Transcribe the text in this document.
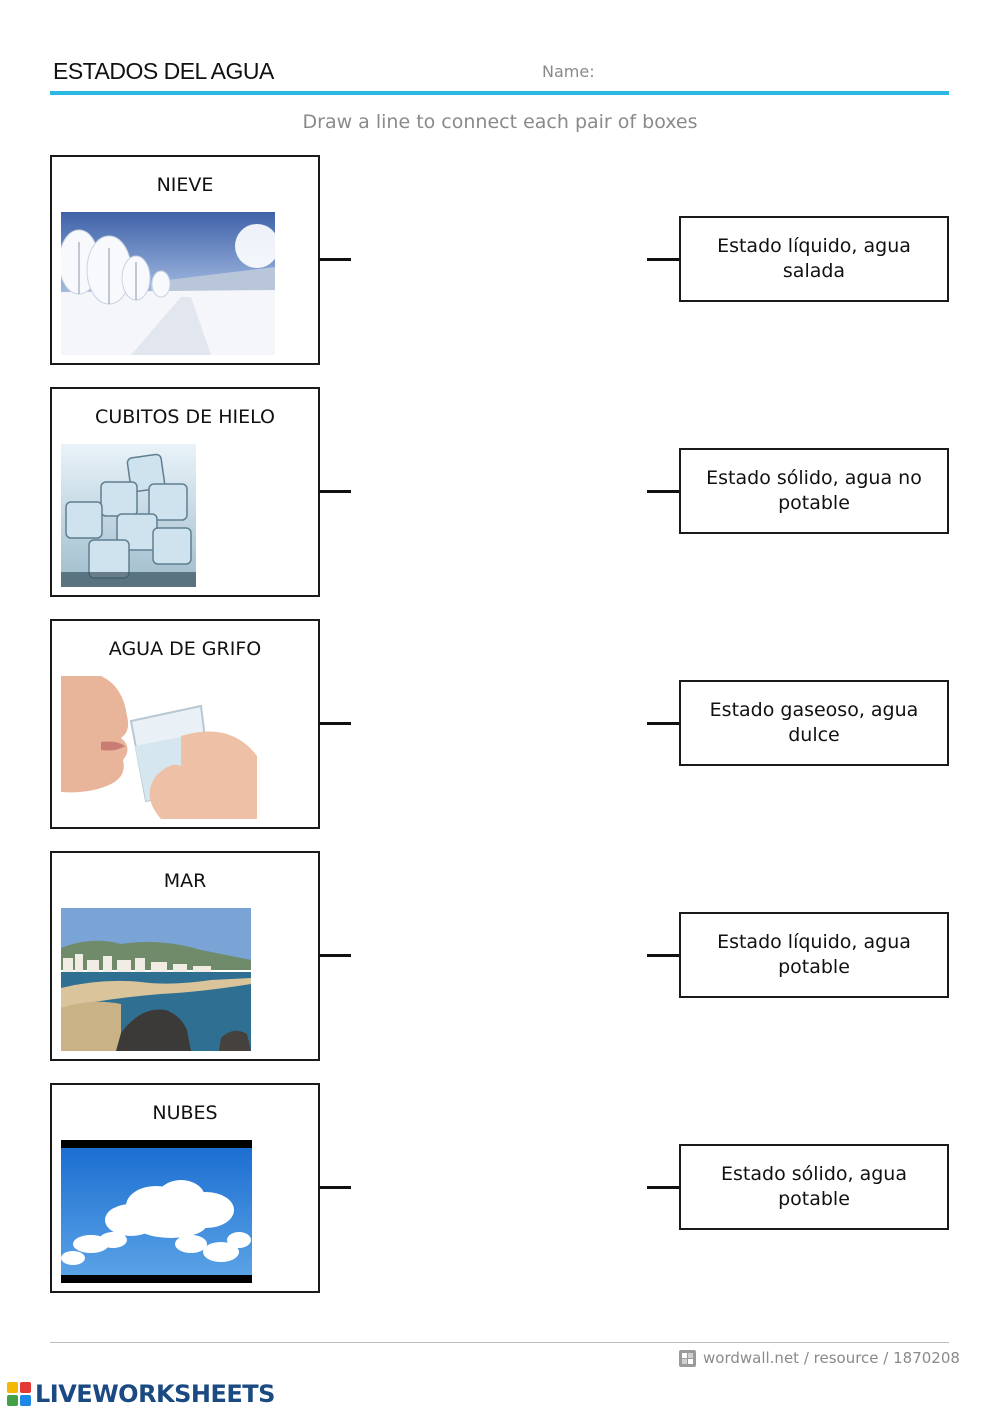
ESTADOS DEL AGUA	Name:
Draw a line to connect each pair of boxes
NIEVE
Estado líquido, agua salada
CUBITOS DE HIELO
Estado sólido, agua no potable
AGUA DE GRIFO
Estado gaseoso, agua dulce
MAR
Estado líquido, agua potable
NUBES
Estado sólido, agua potable
wordwall.net / resource / 1870208
LIVEWORKSHEETS
